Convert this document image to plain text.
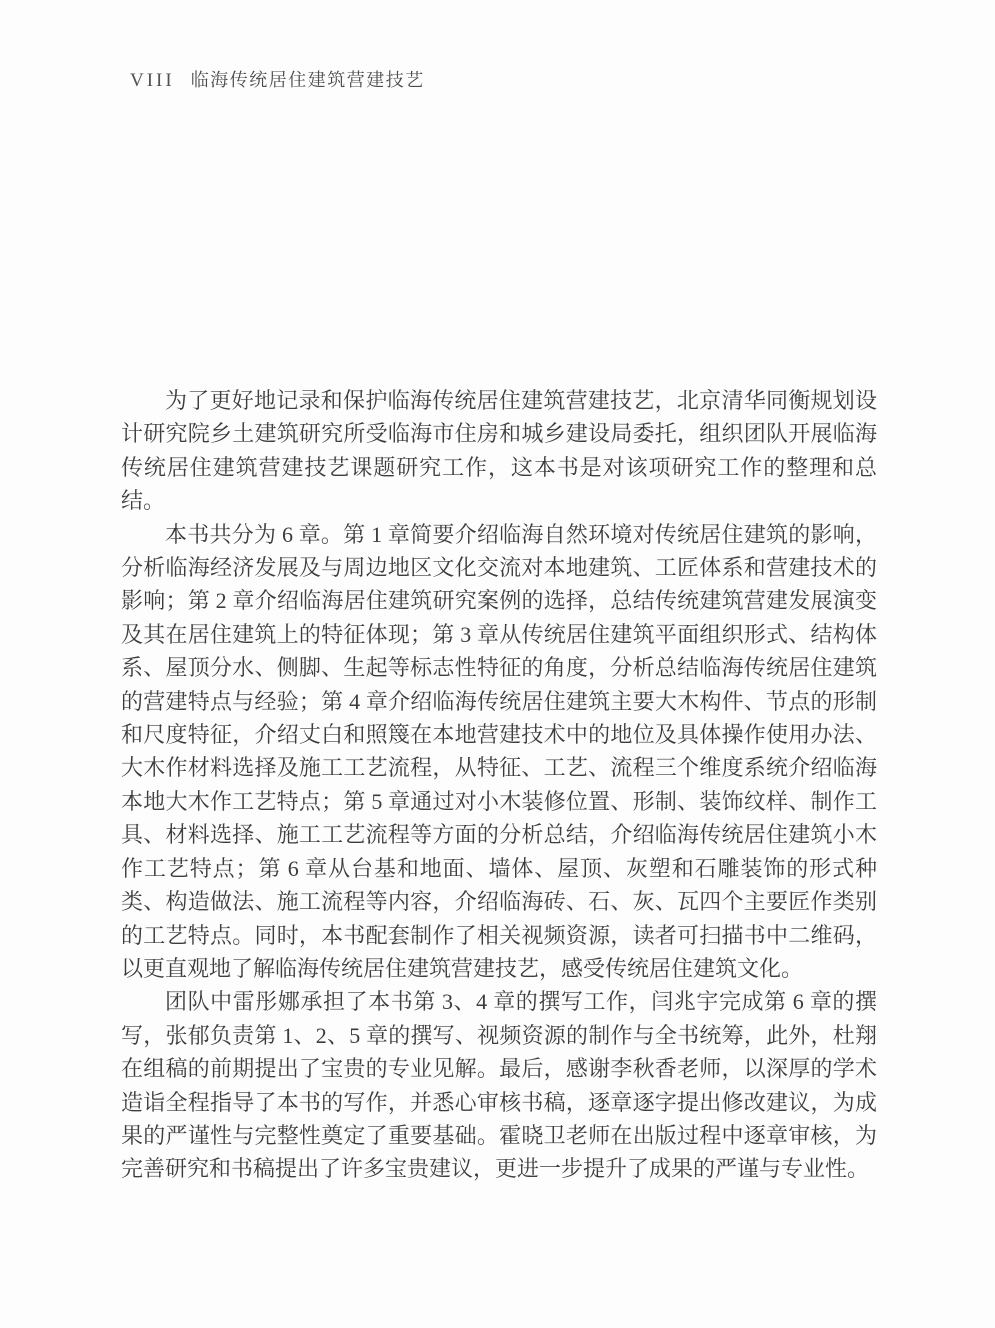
VIII 临海传统居住建筑营建技艺

为了更好地记录和保护临海传统居住建筑营建技艺，北京清华同衡规划设计研究院乡土建筑研究所受临海市住房和城乡建设局委托，组织团队开展临海传统居住建筑营建技艺课题研究工作，这本书是对该项研究工作的整理和总结。

本书共分为 6 章。第 1 章简要介绍临海自然环境对传统居住建筑的影响，分析临海经济发展及与周边地区文化交流对本地建筑、工匠体系和营建技术的影响；第 2 章介绍临海居住建筑研究案例的选择，总结传统建筑营建发展演变及其在居住建筑上的特征体现；第 3 章从传统居住建筑平面组织形式、结构体系、屋顶分水、侧脚、生起等标志性特征的角度，分析总结临海传统居住建筑的营建特点与经验；第 4 章介绍临海传统居住建筑主要大木构件、节点的形制和尺度特征，介绍丈白和照篾在本地营建技术中的地位及具体操作使用办法、大木作材料选择及施工工艺流程，从特征、工艺、流程三个维度系统介绍临海本地大木作工艺特点；第 5 章通过对小木装修位置、形制、装饰纹样、制作工具、材料选择、施工工艺流程等方面的分析总结，介绍临海传统居住建筑小木作工艺特点；第 6 章从台基和地面、墙体、屋顶、灰塑和石雕装饰的形式种类、构造做法、施工流程等内容，介绍临海砖、石、灰、瓦四个主要匠作类别的工艺特点。同时，本书配套制作了相关视频资源，读者可扫描书中二维码，以更直观地了解临海传统居住建筑营建技艺，感受传统居住建筑文化。

团队中雷彤娜承担了本书第 3、4 章的撰写工作，闫兆宇完成第 6 章的撰写，张郁负责第 1、2、5 章的撰写、视频资源的制作与全书统筹，此外，杜翔在组稿的前期提出了宝贵的专业见解。最后，感谢李秋香老师，以深厚的学术造诣全程指导了本书的写作，并悉心审核书稿，逐章逐字提出修改建议，为成果的严谨性与完整性奠定了重要基础。霍晓卫老师在出版过程中逐章审核，为完善研究和书稿提出了许多宝贵建议，更进一步提升了成果的严谨与专业性。
